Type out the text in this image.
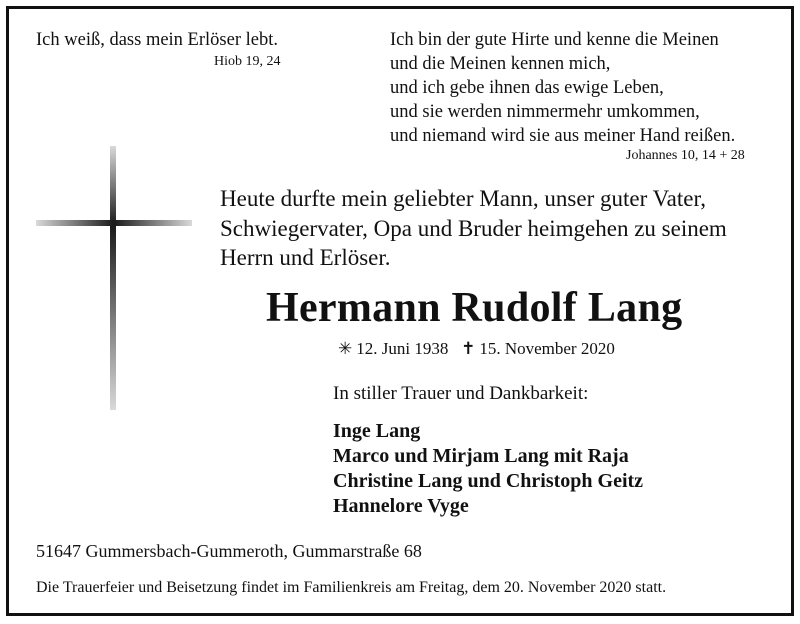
Ich weiß, dass mein Erlöser lebt.
Hiob 19, 24
Ich bin der gute Hirte und kenne die Meinen
und die Meinen kennen mich,
und ich gebe ihnen das ewige Leben,
und sie werden nimmermehr umkommen,
und niemand wird sie aus meiner Hand reißen.
Johannes 10, 14 + 28
Heute durfte mein geliebter Mann, unser guter Vater,
Schwiegervater, Opa und Bruder heimgehen zu seinem
Herrn und Erlöser.
Hermann Rudolf Lang
✳ 12. Juni 1938 ✝ 15. November 2020
In stiller Trauer und Dankbarkeit:
Inge Lang
Marco und Mirjam Lang mit Raja
Christine Lang und Christoph Geitz
Hannelore Vyge
51647 Gummersbach-Gummeroth, Gummarstraße 68
Die Trauerfeier und Beisetzung findet im Familienkreis am Freitag, dem 20. November 2020 statt.
